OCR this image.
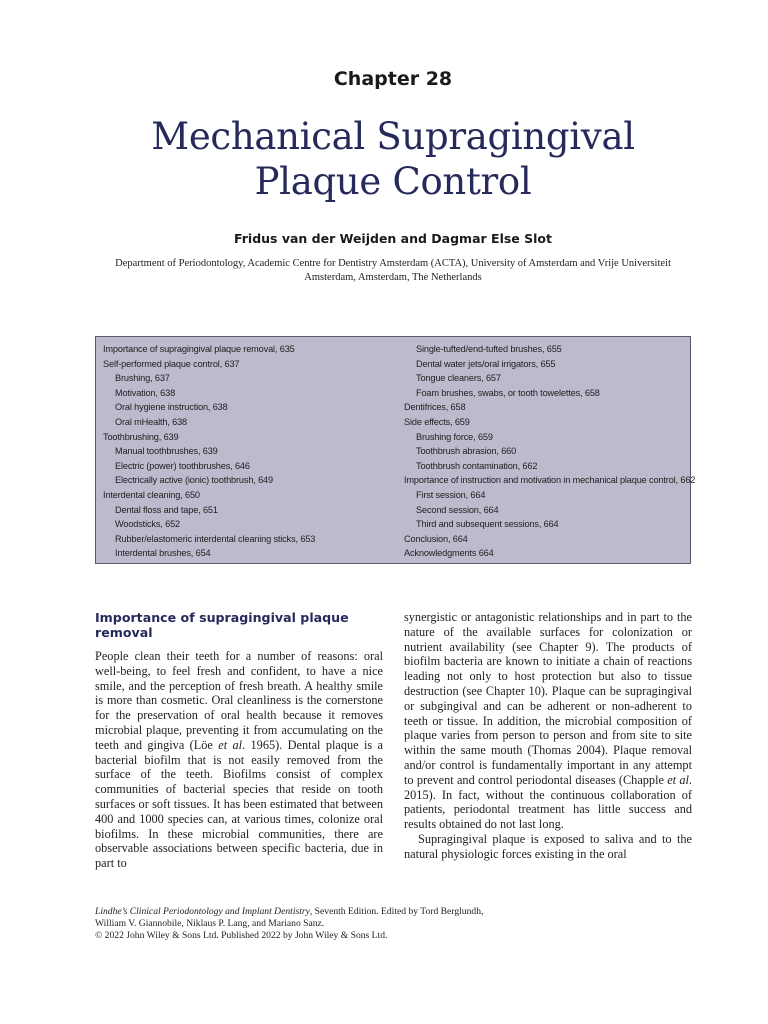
Chapter 28
Mechanical Supragingival
Plaque Control
Fridus van der Weijden and Dagmar Else Slot
Department of Periodontology, Academic Centre for Dentistry Amsterdam (ACTA), University of Amsterdam and Vrije Universiteit Amsterdam, Amsterdam, The Netherlands
Importance of supragingival plaque removal, 635
Self-performed plaque control, 637
Brushing, 637
Motivation, 638
Oral hygiene instruction, 638
Oral mHealth, 638
Toothbrushing, 639
Manual toothbrushes, 639
Electric (power) toothbrushes, 646
Electrically active (ionic) toothbrush, 649
Interdental cleaning, 650
Dental floss and tape, 651
Woodsticks, 652
Rubber/elastomeric interdental cleaning sticks, 653
Interdental brushes, 654
Single-tufted/end-tufted brushes, 655
Dental water jets/oral irrigators, 655
Tongue cleaners, 657
Foam brushes, swabs, or tooth towelettes, 658
Dentifrices, 658
Side effects, 659
Brushing force, 659
Toothbrush abrasion, 660
Toothbrush contamination, 662
Importance of instruction and motivation in mechanical plaque control, 662
First session, 664
Second session, 664
Third and subsequent sessions, 664
Conclusion, 664
Acknowledgments 664
Importance of supragingival plaque removal

People clean their teeth for a number of reasons: oral well-being, to feel fresh and confident, to have a nice smile, and the perception of fresh breath. A healthy smile is more than cosmetic. Oral cleanliness is the cornerstone for the preservation of oral health because it removes microbial plaque, preventing it from accumulating on the teeth and gingiva (Löe et al. 1965). Dental plaque is a bacterial biofilm that is not easily removed from the surface of the teeth. Biofilms consist of complex communities of bacterial species that reside on tooth surfaces or soft tissues. It has been estimated that between 400 and 1000 species can, at various times, colonize oral biofilms. In these microbial communities, there are observable associations between specific bacteria, due in part to

synergistic or antagonistic relationships and in part to the nature of the available surfaces for colonization or nutrient availability (see Chapter 9). The products of biofilm bacteria are known to initiate a chain of reactions leading not only to host protection but also to tissue destruction (see Chapter 10). Plaque can be supragingival or subgingival and can be adherent or non-adherent to teeth or tissue. In addition, the microbial composition of plaque varies from person to person and from site to site within the same mouth (Thomas 2004). Plaque removal and/or control is fundamentally important in any attempt to prevent and control periodontal diseases (Chapple et al. 2015). In fact, without the continuous collaboration of patients, periodontal treatment has little success and results obtained do not last long.

Supragingival plaque is exposed to saliva and to the natural physiologic forces existing in the oral

Lindhe’s Clinical Periodontology and Implant Dentistry, Seventh Edition. Edited by Tord Berglundh,

William V. Giannobile, Niklaus P. Lang, and Mariano Sanz.

© 2022 John Wiley & Sons Ltd. Published 2022 by John Wiley & Sons Ltd.
